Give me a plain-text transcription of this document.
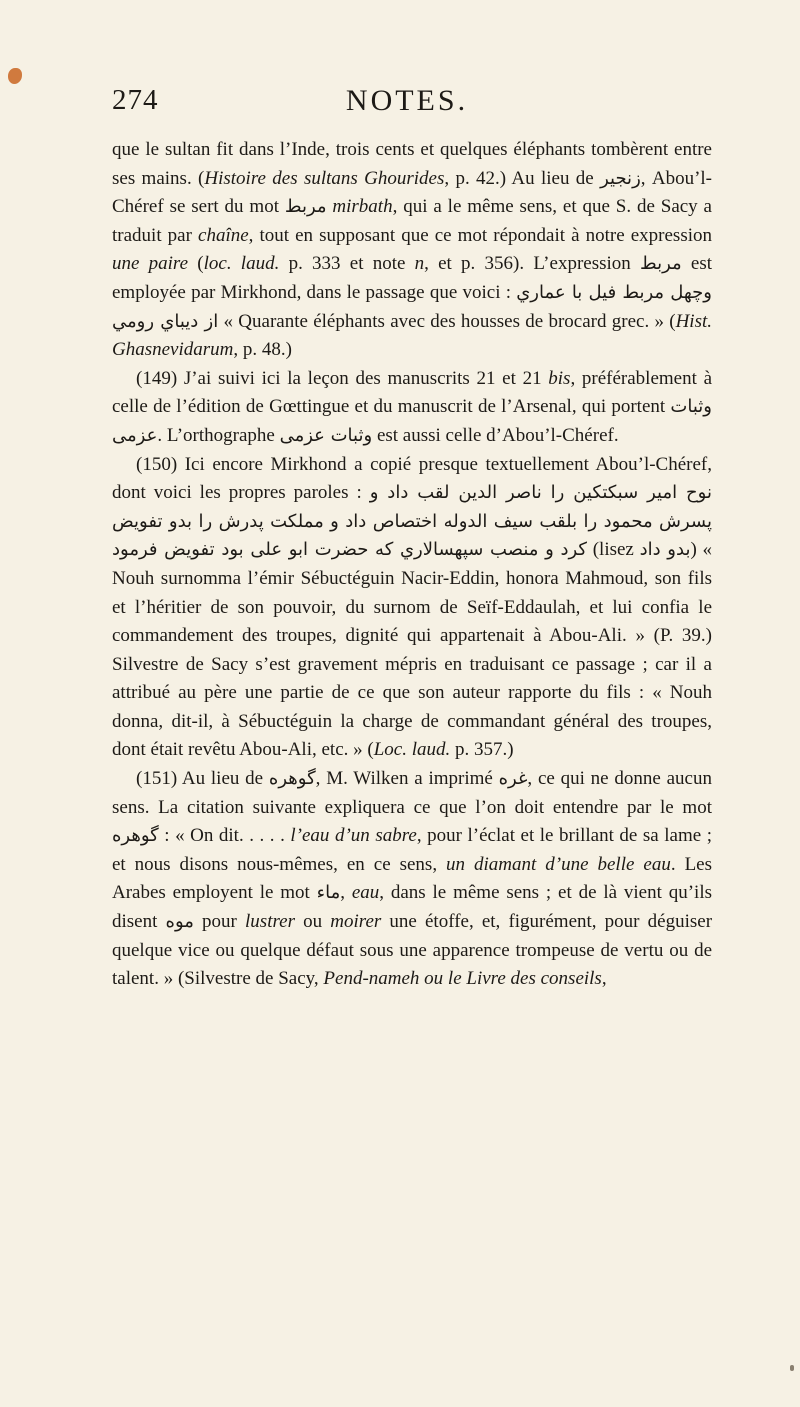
274	NOTES.

que le sultan fit dans l’Inde, trois cents et quelques éléphants tombèrent entre ses mains. (Histoire des sultans Ghourides, p. 42.) Au lieu de زنجير, Abou’l-Chéref se sert du mot مربط mirbath, qui a le même sens, et que S. de Sacy a traduit par chaîne, tout en supposant que ce mot répondait à notre expression une paire (loc. laud. p. 333 et note n, et p. 356). L’expression مربط est employée par Mirkhond, dans le passage que voici : وچهل مربط فيل با عماري از ديباي رومي « Quarante éléphants avec des housses de brocard grec. » (Hist. Ghasnevidarum, p. 48.)

(149) J’ai suivi ici la leçon des manuscrits 21 et 21 bis, préférablement à celle de l’édition de Gœttingue et du manuscrit de l’Arsenal, qui portent وثبات عزمى. L’orthographe وثبات عزمى est aussi celle d’Abou’l-Chéref.

(150) Ici encore Mirkhond a copié presque textuellement Abou’l-Chéref, dont voici les propres paroles : نوح امير سبكتكين را ناصر الدين لقب داد و پسرش محمود را بلقب سيف الدوله اختصاص داد و مملكت پدرش را بدو تفويض كرد و منصب سپهسالاري كه حضرت ابو على بود تفويض فرمود (lisez بدو داد) « Nouh surnomma l’émir Sébuctéguin Nacir-Eddin, honora Mahmoud, son fils et l’héritier de son pouvoir, du surnom de Seïf-Eddaulah, et lui confia le commandement des troupes, dignité qui appartenait à Abou-Ali. » (P. 39.) Silvestre de Sacy s’est gravement mépris en traduisant ce passage ; car il a attribué au père une partie de ce que son auteur rapporte du fils : « Nouh donna, dit-il, à Sébuctéguin la charge de commandant général des troupes, dont était revêtu Abou-Ali, etc. » (Loc. laud. p. 357.)

(151) Au lieu de گوهره, M. Wilken a imprimé غره, ce qui ne donne aucun sens. La citation suivante expliquera ce que l’on doit entendre par le mot گوهره : « On dit. . . . . l’eau d’un sabre, pour l’éclat et le brillant de sa lame ; et nous disons nous-mêmes, en ce sens, un diamant d’une belle eau. Les Arabes employent le mot ماء, eau, dans le même sens ; et de là vient qu’ils disent موه pour lustrer ou moirer une étoffe, et, figurément, pour déguiser quelque vice ou quelque défaut sous une apparence trompeuse de vertu ou de talent. » (Silvestre de Sacy, Pend-nameh ou le Livre des conseils,
